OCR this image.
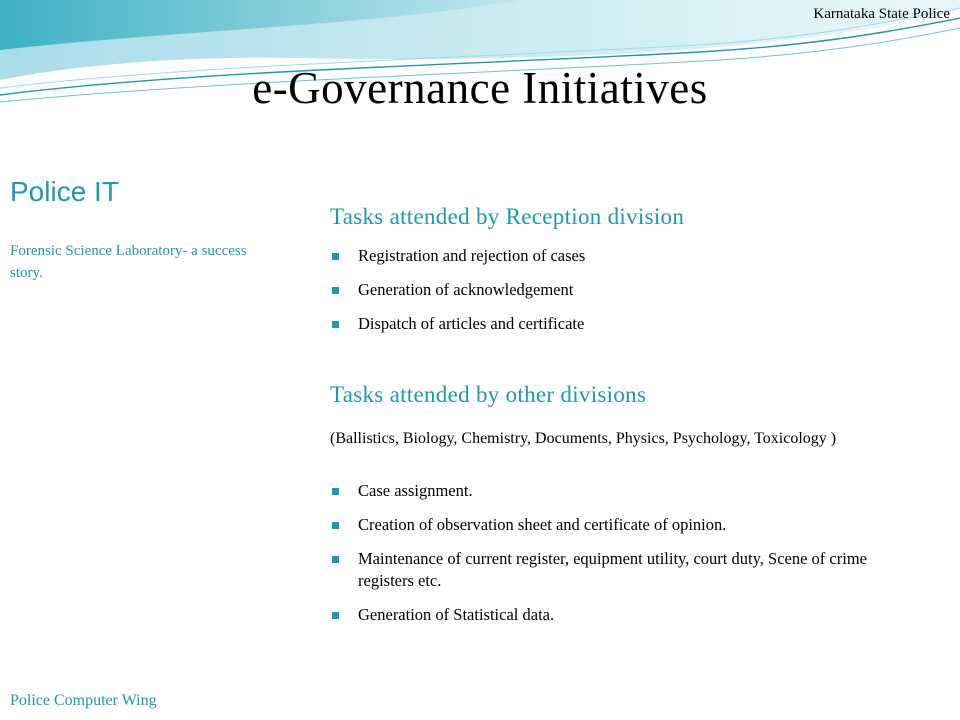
Karnataka State Police
e-Governance Initiatives
Police IT
Forensic Science Laboratory- a success story.

Tasks attended by Reception division

Registration and rejection of cases
Generation of acknowledgement
Dispatch of articles and certificate

Tasks attended by other divisions

(Ballistics, Biology, Chemistry, Documents, Physics, Psychology, Toxicology )
Case assignment.
Creation of observation sheet and certificate of opinion.
Maintenance of current register, equipment utility, court duty, Scene of crime registers etc.
Generation of Statistical data.
Police Computer Wing
